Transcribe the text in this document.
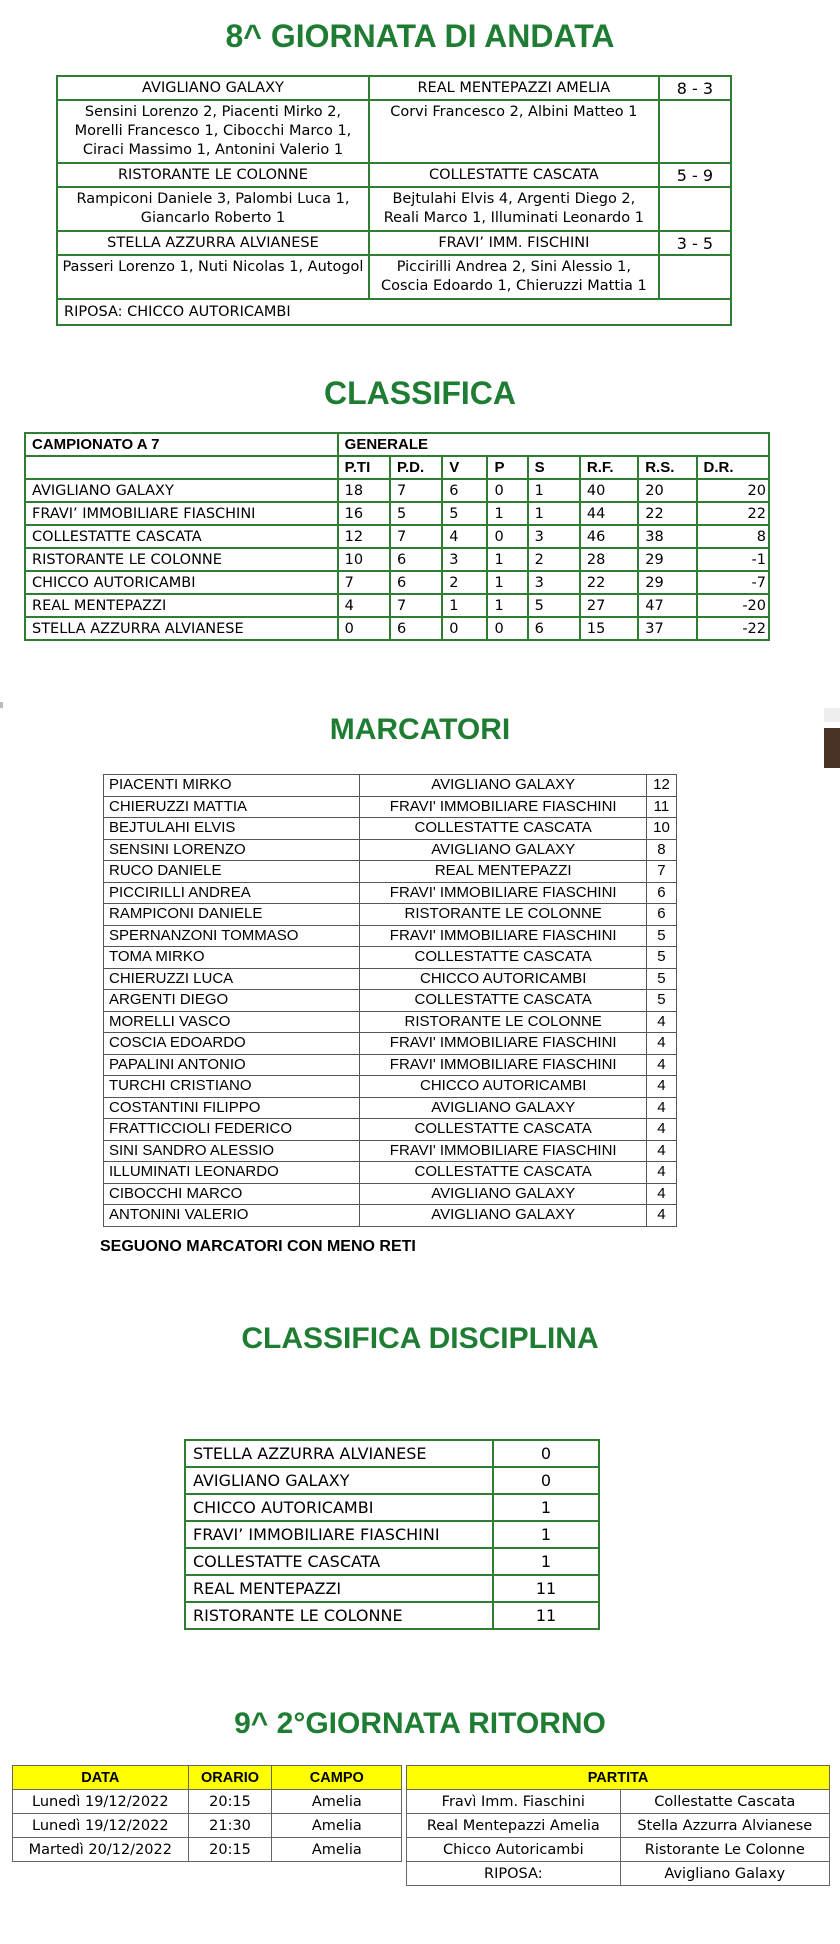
8^ GIORNATA DI ANDATA
AVIGLIANO GALAXY	REAL MENTEPAZZI AMELIA	8 - 3
Sensini Lorenzo 2, Piacenti Mirko 2, Morelli Francesco 1, Cibocchi Marco 1, Ciraci Massimo 1, Antonini Valerio 1	Corvi Francesco 2, Albini Matteo 1	
RISTORANTE LE COLONNE	COLLESTATTE CASCATA	5 - 9
Rampiconi Daniele 3, Palombi Luca 1, Giancarlo Roberto 1	Bejtulahi Elvis 4, Argenti Diego 2, Reali Marco 1, Illuminati Leonardo 1	
STELLA AZZURRA ALVIANESE	FRAVI’ IMM. FISCHINI	3 - 5
Passeri Lorenzo 1, Nuti Nicolas 1, Autogol	Piccirilli Andrea 2, Sini Alessio 1, Coscia Edoardo 1, Chieruzzi Mattia 1	
RIPOSA: CHICCO AUTORICAMBI		
CLASSIFICA
CAMPIONATO A 7	GENERALE							
	P.TI	P.D.	V	P	S	R.F.	R.S.	D.R.
AVIGLIANO GALAXY	18	7	6	0	1	40	20	20
FRAVI’ IMMOBILIARE FIASCHINI	16	5	5	1	1	44	22	22
COLLESTATTE CASCATA	12	7	4	0	3	46	38	8
RISTORANTE LE COLONNE	10	6	3	1	2	28	29	-1
CHICCO AUTORICAMBI	7	6	2	1	3	22	29	-7
REAL MENTEPAZZI	4	7	1	1	5	27	47	-20
STELLA AZZURRA ALVIANESE	0	6	0	0	6	15	37	-22
MARCATORI
PIACENTI MIRKO	AVIGLIANO GALAXY	12
CHIERUZZI MATTIA	FRAVI' IMMOBILIARE FIASCHINI	11
BEJTULAHI ELVIS	COLLESTATTE CASCATA	10
SENSINI LORENZO	AVIGLIANO GALAXY	8
RUCO DANIELE	REAL MENTEPAZZI	7
PICCIRILLI ANDREA	FRAVI' IMMOBILIARE FIASCHINI	6
RAMPICONI DANIELE	RISTORANTE LE COLONNE	6
SPERNANZONI TOMMASO	FRAVI' IMMOBILIARE FIASCHINI	5
TOMA MIRKO	COLLESTATTE CASCATA	5
CHIERUZZI LUCA	CHICCO AUTORICAMBI	5
ARGENTI DIEGO	COLLESTATTE CASCATA	5
MORELLI VASCO	RISTORANTE LE COLONNE	4
COSCIA EDOARDO	FRAVI' IMMOBILIARE FIASCHINI	4
PAPALINI ANTONIO	FRAVI' IMMOBILIARE FIASCHINI	4
TURCHI CRISTIANO	CHICCO AUTORICAMBI	4
COSTANTINI FILIPPO	AVIGLIANO GALAXY	4
FRATTICCIOLI FEDERICO	COLLESTATTE CASCATA	4
SINI SANDRO ALESSIO	FRAVI' IMMOBILIARE FIASCHINI	4
ILLUMINATI LEONARDO	COLLESTATTE CASCATA	4
CIBOCCHI MARCO	AVIGLIANO GALAXY	4
ANTONINI VALERIO	AVIGLIANO GALAXY	4
SEGUONO MARCATORI CON MENO RETI
CLASSIFICA DISCIPLINA
STELLA AZZURRA ALVIANESE	0
AVIGLIANO GALAXY	0
CHICCO AUTORICAMBI	1
FRAVI’ IMMOBILIARE FIASCHINI	1
COLLESTATTE CASCATA	1
REAL MENTEPAZZI	11
RISTORANTE LE COLONNE	11
9^ 2°GIORNATA RITORNO
DATA	ORARIO	CAMPO		PARTITA	
Lunedì 19/12/2022	20:15	Amelia		Fravì Imm. Fiaschini	Collestatte Cascata
Lunedì 19/12/2022	21:30	Amelia		Real Mentepazzi Amelia	Stella Azzurra Alvianese
Martedì 20/12/2022	20:15	Amelia		Chicco Autoricambi	Ristorante Le Colonne
				RIPOSA:	Avigliano Galaxy
